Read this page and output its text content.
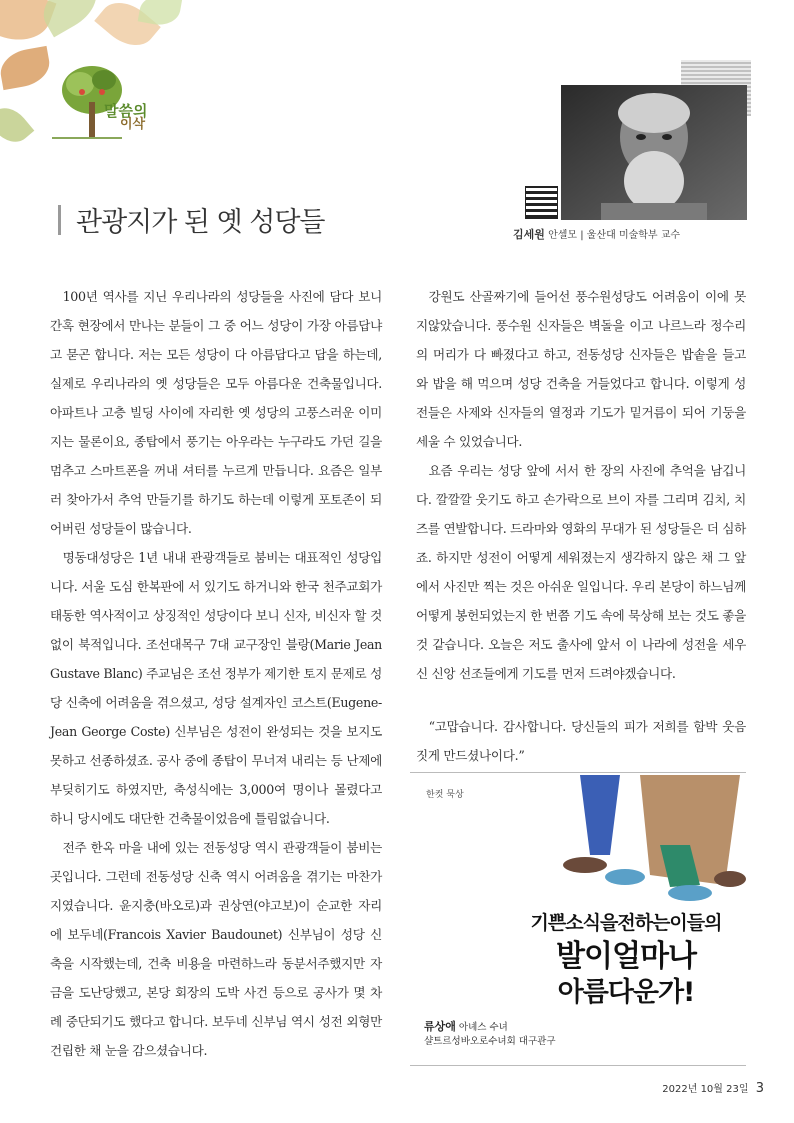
말씀의
이삭
김세원 안셀모 | 울산대 미술학부 교수
관광지가 된 옛 성당들

100년 역사를 지닌 우리나라의 성당들을 사진에 담다 보니 간혹 현장에서 만나는 분들이 그 중 어느 성당이 가장 아름답냐고 묻곤 합니다. 저는 모든 성당이 다 아름답다고 답을 하는데, 실제로 우리나라의 옛 성당들은 모두 아름다운 건축물입니다. 아파트나 고층 빌딩 사이에 자리한 옛 성당의 고풍스러운 이미지는 물론이요, 종탑에서 풍기는 아우라는 누구라도 가던 길을 멈추고 스마트폰을 꺼내 셔터를 누르게 만듭니다. 요즘은 일부러 찾아가서 추억 만들기를 하기도 하는데 이렇게 포토존이 되어버린 성당들이 많습니다.

명동대성당은 1년 내내 관광객들로 붐비는 대표적인 성당입니다. 서울 도심 한복판에 서 있기도 하거니와 한국 천주교회가 태동한 역사적이고 상징적인 성당이다 보니 신자, 비신자 할 것 없이 북적입니다. 조선대목구 7대 교구장인 블랑(Marie Jean Gustave Blanc) 주교님은 조선 정부가 제기한 토지 문제로 성당 신축에 어려움을 겪으셨고, 성당 설계자인 코스트(Eugene-Jean George Coste) 신부님은 성전이 완성되는 것을 보지도 못하고 선종하셨죠. 공사 중에 종탑이 무너져 내리는 등 난제에 부딪히기도 하였지만, 축성식에는 3,000여 명이나 몰렸다고 하니 당시에도 대단한 건축물이었음에 틀림없습니다.

전주 한옥 마을 내에 있는 전동성당 역시 관광객들이 붐비는 곳입니다. 그런데 전동성당 신축 역시 어려움을 겪기는 마찬가지였습니다. 윤지충(바오로)과 권상연(야고보)이 순교한 자리에 보두네(Francois Xavier Baudounet) 신부님이 성당 신축을 시작했는데, 건축 비용을 마련하느라 동분서주했지만 자금을 도난당했고, 본당 회장의 도박 사건 등으로 공사가 몇 차례 중단되기도 했다고 합니다. 보두네 신부님 역시 성전 외형만 건립한 채 눈을 감으셨습니다.

강원도 산골짜기에 들어선 풍수원성당도 어려움이 이에 못지않았습니다. 풍수원 신자들은 벽돌을 이고 나르느라 정수리의 머리가 다 빠졌다고 하고, 전동성당 신자들은 밥솥을 들고 와 밥을 해 먹으며 성당 건축을 거들었다고 합니다. 이렇게 성전들은 사제와 신자들의 열정과 기도가 밑거름이 되어 기둥을 세울 수 있었습니다.

요즘 우리는 성당 앞에 서서 한 장의 사진에 추억을 남깁니다. 깔깔깔 웃기도 하고 손가락으로 브이 자를 그리며 김치, 치즈를 연발합니다. 드라마와 영화의 무대가 된 성당들은 더 심하죠. 하지만 성전이 어떻게 세워졌는지 생각하지 않은 채 그 앞에서 사진만 찍는 것은 아쉬운 일입니다. 우리 본당이 하느님께 어떻게 봉헌되었는지 한 번쯤 기도 속에 묵상해 보는 것도 좋을 것 같습니다. 오늘은 저도 출사에 앞서 이 나라에 성전을 세우신 신앙 선조들에게 기도를 먼저 드려야겠습니다.

“고맙습니다. 감사합니다. 당신들의 피가 저희를 함박 웃음 짓게 만드셨나이다.”

한컷 묵상
기쁜소식을전하는이들의
발이얼마나
아름다운가!
류상애 아녜스 수녀
샬트르성바오로수녀회 대구관구
2022년 10월 23일 3
